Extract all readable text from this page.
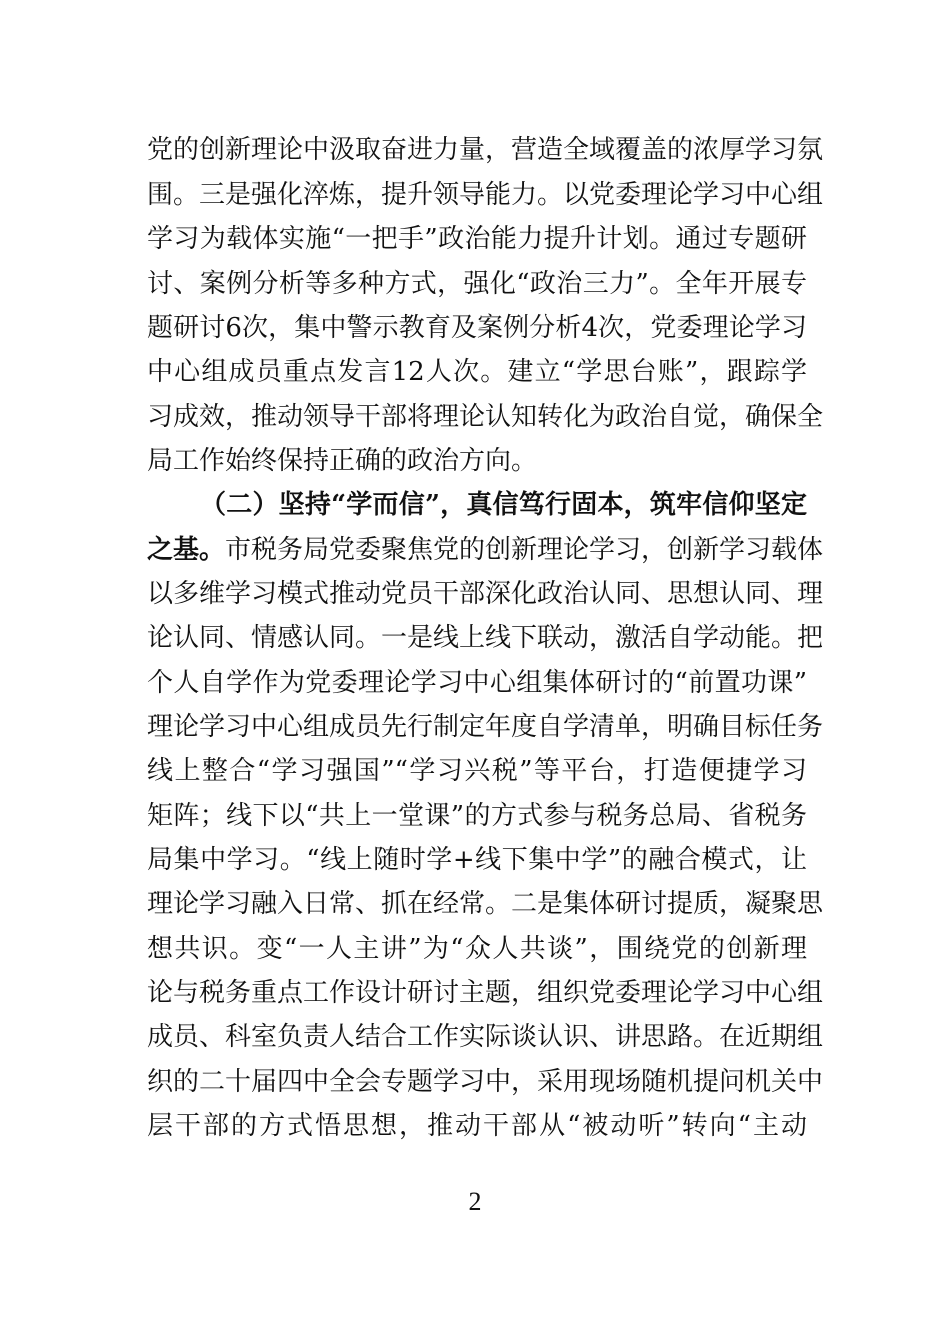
党的创新理论中汲取奋进力量，营造全域覆盖的浓厚学习氛
围。三是强化淬炼，提升领导能力。以党委理论学习中心组
学习为载体实施“一把手”政治能力提升计划。通过专题研
讨、案例分析等多种方式，强化“政治三力”。全年开展专
题研讨6次，集中警示教育及案例分析4次，党委理论学习
中心组成员重点发言12人次。建立“学思台账”，跟踪学
习成效，推动领导干部将理论认知转化为政治自觉，确保全
局工作始终保持正确的政治方向。
（二）坚持“学而信”，真信笃行固本，筑牢信仰坚定
之基。市税务局党委聚焦党的创新理论学习，创新学习载体
以多维学习模式推动党员干部深化政治认同、思想认同、理
论认同、情感认同。一是线上线下联动，激活自学动能。把
个人自学作为党委理论学习中心组集体研讨的“前置功课”
理论学习中心组成员先行制定年度自学清单，明确目标任务
线上整合“学习强国”“学习兴税”等平台，打造便捷学习
矩阵；线下以“共上一堂课”的方式参与税务总局、省税务
局集中学习。“线上随时学+线下集中学”的融合模式，让
理论学习融入日常、抓在经常。二是集体研讨提质，凝聚思
想共识。变“一人主讲”为“众人共谈”，围绕党的创新理
论与税务重点工作设计研讨主题，组织党委理论学习中心组
成员、科室负责人结合工作实际谈认识、讲思路。在近期组
织的二十届四中全会专题学习中，采用现场随机提问机关中
层干部的方式悟思想，推动干部从“被动听”转向“主动
2
